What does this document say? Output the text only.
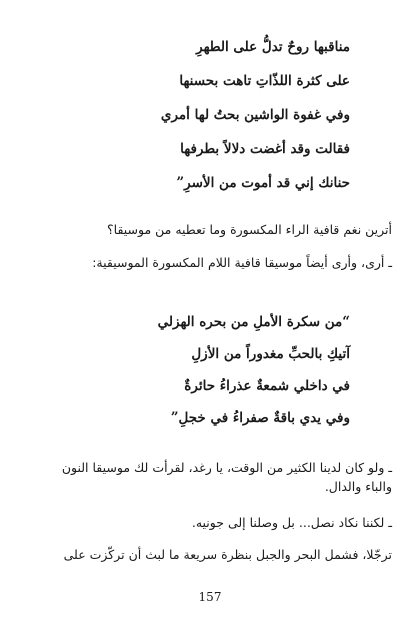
مناقبها روحٌ تدلُّ على الطهرِ
على كثرة اللذّاتِ تاهت بحسنها
وفي غفوة الواشين بحتُ لها أمري
فقالت وقد أغضت دلالاً بطرفها
حنانك إني قد أموت من الأسرِ”
أترين نغم قافية الراء المكسورة وما تعطيه من موسيقا؟
ـ أرى، وأرى أيضاً موسيقا قافية اللام المكسورة الموسيقية:
“من سكرة الأملِ من بحره الهزلي
آتيكِ بالحبِّ مغدوراً من الأزلِ
في داخلي شمعةٌ عذراءُ حائرةٌ
وفي يدي باقةٌ صفراءُ في خجلِ”
ـ ولو كان لدينا الكثير من الوقت، يا رغد، لقرأت لك موسيقا النون والباء والدال.
ـ لكننا نكاد نصل... بل وصلنا إلى جونيه.
ترجّلا، فشمل البحر والجبل بنظرة سريعة ما لبث أن تركّزت على
157
